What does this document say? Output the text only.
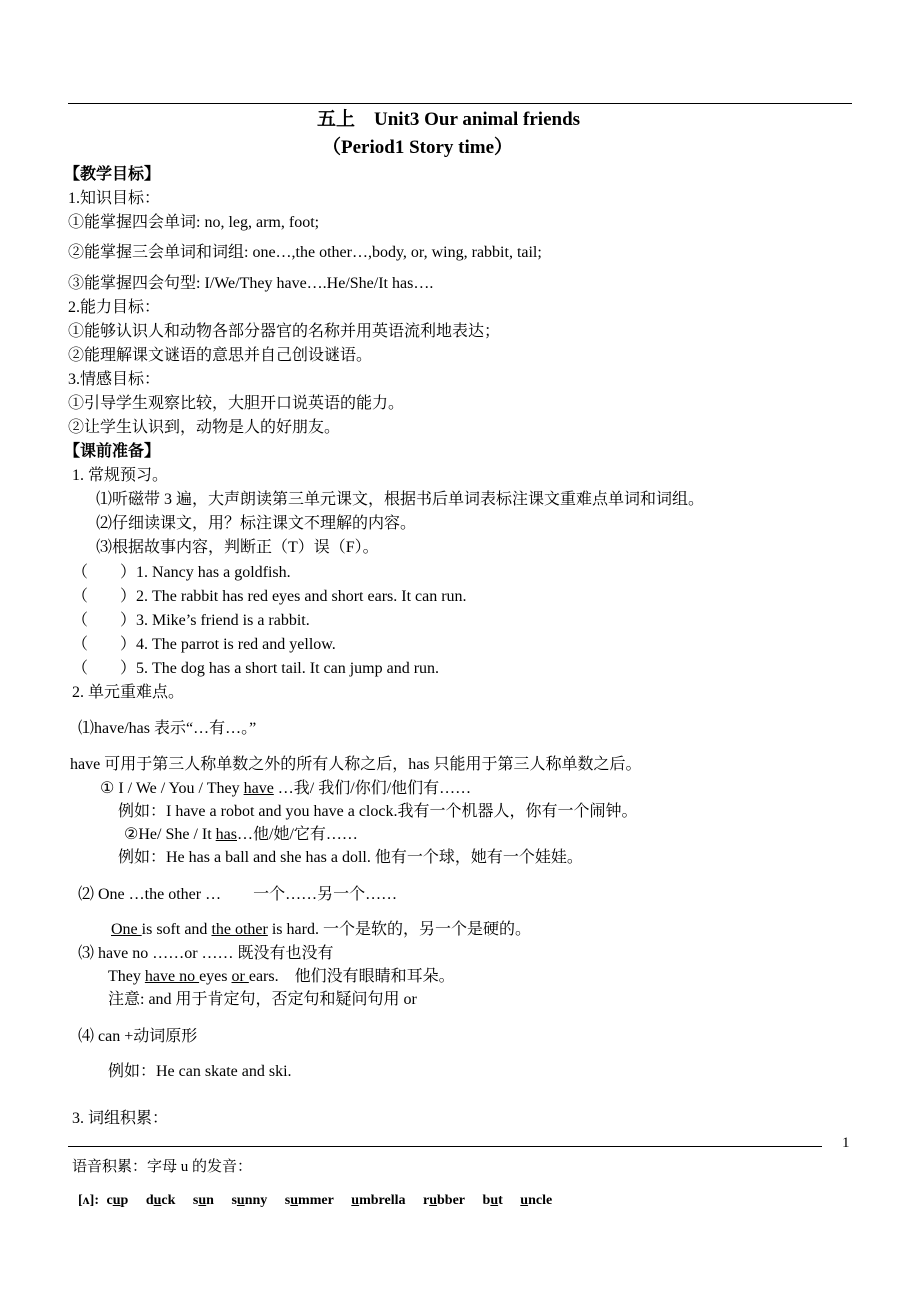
五上　Unit3 Our animal friends
（Period1 Story time）
【教学目标】
1.知识目标：
①能掌握四会单词: no, leg, arm, foot;
②能掌握三会单词和词组: one…,the other…,body, or, wing, rabbit, tail;
③能掌握四会句型: I/We/They have….He/She/It has….
2.能力目标：
①能够认识人和动物各部分器官的名称并用英语流利地表达；
②能理解课文谜语的意思并自己创设谜语。
3.情感目标：
①引导学生观察比较，大胆开口说英语的能力。
②让学生认识到，动物是人的好朋友。
【课前准备】
1. 常规预习。
⑴听磁带 3 遍，大声朗读第三单元课文，根据书后单词表标注课文重难点单词和词组。
⑵仔细读课文，用？标注课文不理解的内容。
⑶根据故事内容，判断正（T）误（F）。
（　　）1. Nancy has a goldfish.
（　　）2. The rabbit has red eyes and short ears. It can run.
（　　）3. Mike’s friend is a rabbit.
（　　）4. The parrot is red and yellow.
（　　）5. The dog has a short tail. It can jump and run.
2. 单元重难点。
⑴have/has 表示“…有…。”
have 可用于第三人称单数之外的所有人称之后，has 只能用于第三人称单数之后。
① I / We / You / They have …我/ 我们/你们/他们有……
例如：I have a robot and you have a clock.我有一个机器人，你有一个闹钟。
②He/ She / It has…他/她/它有……
例如：He has a ball and she has a doll. 他有一个球，她有一个娃娃。
⑵ One …the other …　　一个……另一个……
One is soft and the other is hard. 一个是软的，另一个是硬的。
⑶ have no ……or …… 既没有也没有
They have no eyes or ears.　他们没有眼睛和耳朵。
注意: and 用于肯定句，否定句和疑问句用 or
⑷ can +动词原形
例如：He can skate and ski.
3. 词组积累：
1
语音积累：字母 u 的发音：
[ʌ]: cup duck sun sunny summer umbrella rubber but uncle
